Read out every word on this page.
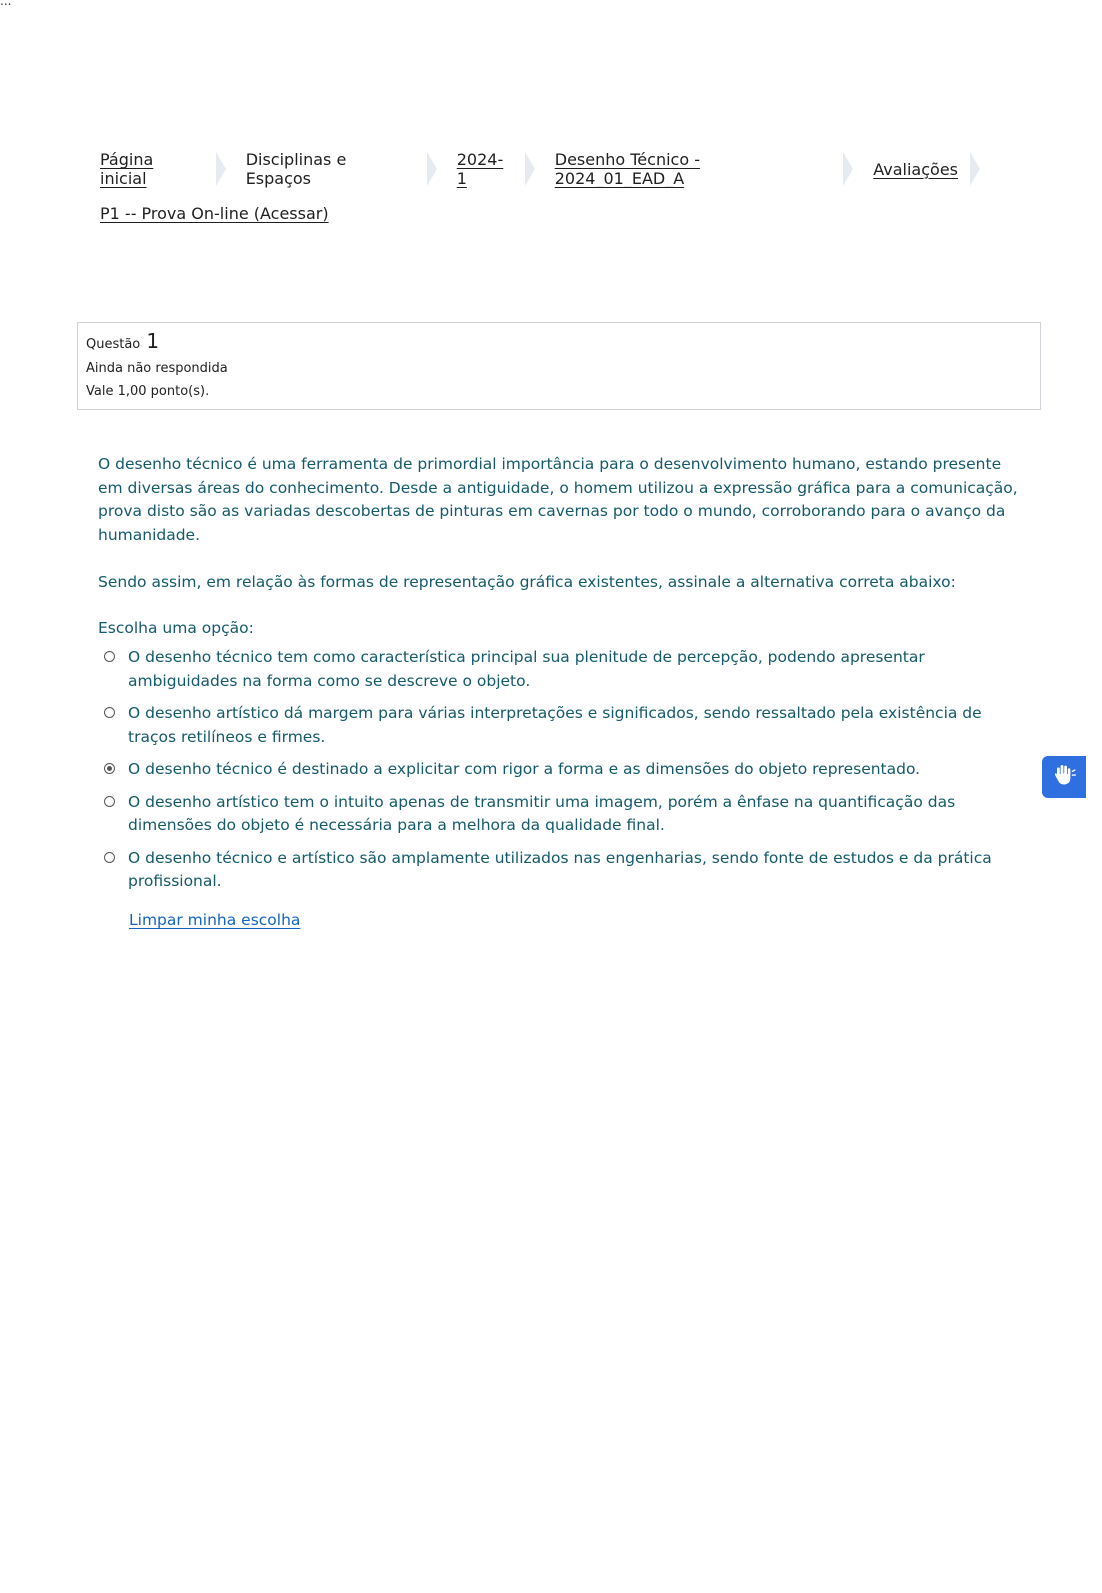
...
Página inicial
Disciplinas e Espaços
2024-1
Desenho Técnico - 2024_01_EAD_A	Avaliações
P1 -- Prova On-line (Acessar)
Questão 1
Ainda não respondida
Vale 1,00 ponto(s).

O desenho técnico é uma ferramenta de primordial importância para o desenvolvimento humano, estando presente em diversas áreas do conhecimento. Desde a antiguidade, o homem utilizou a expressão gráfica para a comunicação, prova disto são as variadas descobertas de pinturas em cavernas por todo o mundo, corroborando para o avanço da humanidade.

Sendo assim, em relação às formas de representação gráfica existentes, assinale a alternativa correta abaixo:

Escolha uma opção:
O desenho técnico tem como característica principal sua plenitude de percepção, podendo apresentar ambiguidades na forma como se descreve o objeto.
O desenho artístico dá margem para várias interpretações e significados, sendo ressaltado pela existência de traços retilíneos e firmes.
O desenho técnico é destinado a explicitar com rigor a forma e as dimensões do objeto representado.
O desenho artístico tem o intuito apenas de transmitir uma imagem, porém a ênfase na quantificação das dimensões do objeto é necessária para a melhora da qualidade final.
O desenho técnico e artístico são amplamente utilizados nas engenharias, sendo fonte de estudos e da prática profissional.
Limpar minha escolha
